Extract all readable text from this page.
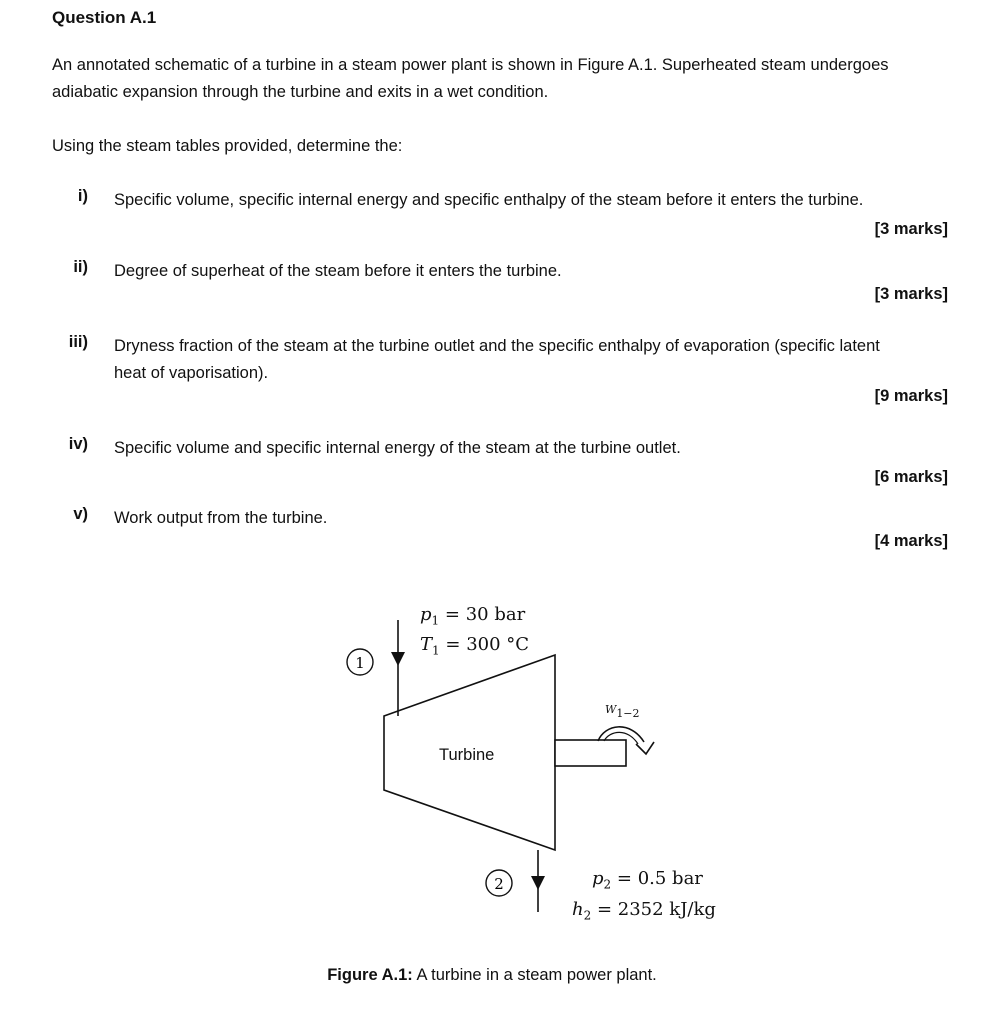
Question A.1
An annotated schematic of a turbine in a steam power plant is shown in Figure A.1. Superheated steam undergoes adiabatic expansion through the turbine and exits in a wet condition.
Using the steam tables provided, determine the:
i) Specific volume, specific internal energy and specific enthalpy of the steam before it enters the turbine.
[3 marks]
ii) Degree of superheat of the steam before it enters the turbine.
[3 marks]
iii) Dryness fraction of the steam at the turbine outlet and the specific enthalpy of evaporation (specific latent heat of vaporisation).
[9 marks]
iv) Specific volume and specific internal energy of the steam at the turbine outlet.
[6 marks]
v) Work output from the turbine.
[4 marks]
1
2
$p_1 = 30$ bar
$T_1 = 300$ °C
$w_{1-2}$
Turbine
$p_2 = 0.5$ bar
$h_2 = 2352$ kJ/kg
Figure A.1: A turbine in a steam power plant.
